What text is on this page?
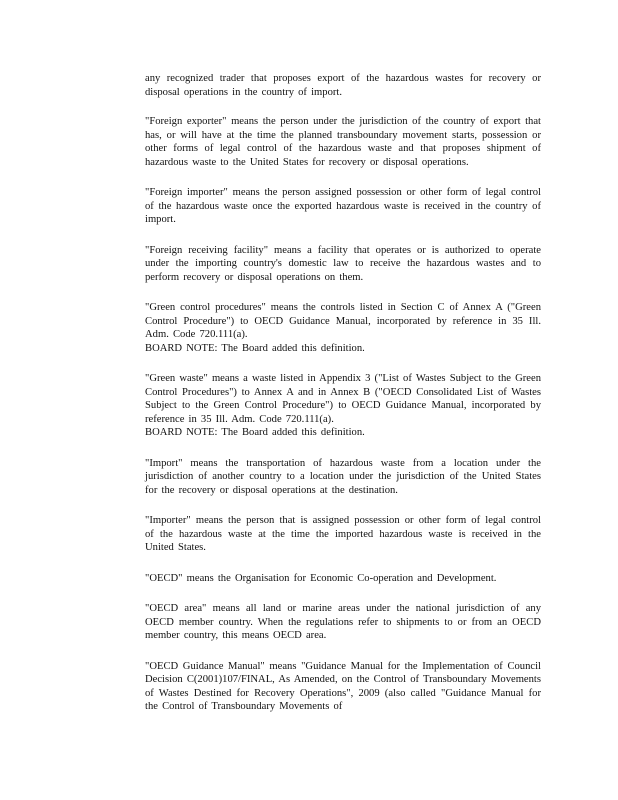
any recognized trader that proposes export of the hazardous wastes for recovery or disposal operations in the country of import.

"Foreign exporter" means the person under the jurisdiction of the country of export that has, or will have at the time the planned transboundary movement starts, possession or other forms of legal control of the hazardous waste and that proposes shipment of hazardous waste to the United States for recovery or disposal operations.

"Foreign importer" means the person assigned possession or other form of legal control of the hazardous waste once the exported hazardous waste is received in the country of import.

"Foreign receiving facility" means a facility that operates or is authorized to operate under the importing country's domestic law to receive the hazardous wastes and to perform recovery or disposal operations on them.

"Green control procedures" means the controls listed in Section C of Annex A ("Green Control Procedure") to OECD Guidance Manual, incorporated by reference in 35 Ill. Adm. Code 720.111(a).
BOARD NOTE: The Board added this definition.

"Green waste" means a waste listed in Appendix 3 ("List of Wastes Subject to the Green Control Procedures") to Annex A and in Annex B ("OECD Consolidated List of Wastes Subject to the Green Control Procedure") to OECD Guidance Manual, incorporated by reference in 35 Ill. Adm. Code 720.111(a).
BOARD NOTE: The Board added this definition.

"Import" means the transportation of hazardous waste from a location under the jurisdiction of another country to a location under the jurisdiction of the United States for the recovery or disposal operations at the destination.

"Importer" means the person that is assigned possession or other form of legal control of the hazardous waste at the time the imported hazardous waste is received in the United States.

"OECD" means the Organisation for Economic Co-operation and Development.

"OECD area" means all land or marine areas under the national jurisdiction of any OECD member country. When the regulations refer to shipments to or from an OECD member country, this means OECD area.

"OECD Guidance Manual" means "Guidance Manual for the Implementation of Council Decision C(2001)107/FINAL, As Amended, on the Control of Transboundary Movements of Wastes Destined for Recovery Operations", 2009 (also called "Guidance Manual for the Control of Transboundary Movements of
